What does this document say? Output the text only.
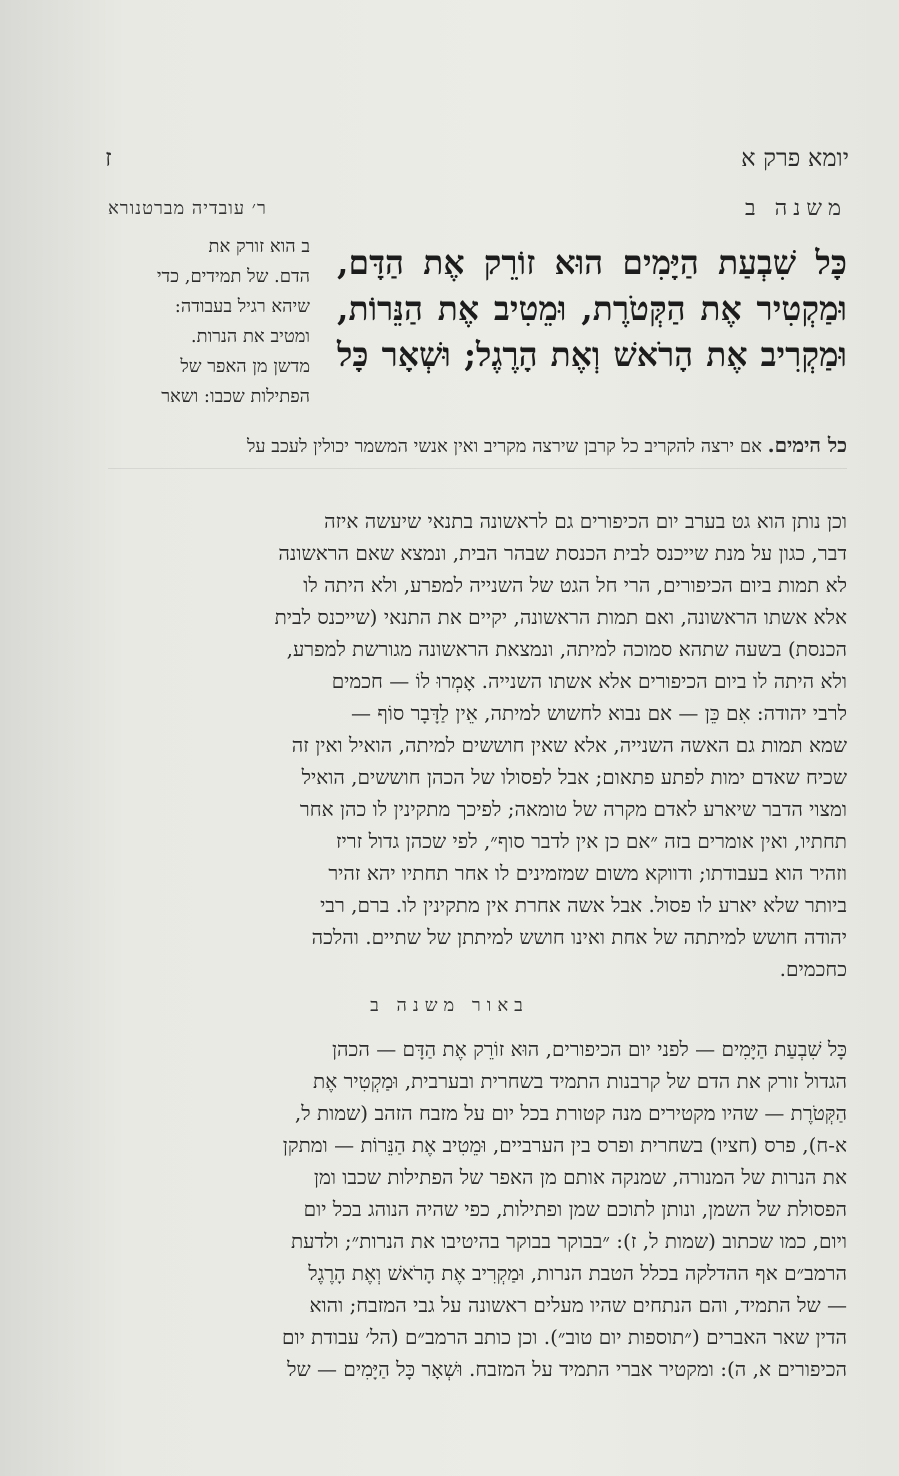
יומא פרק א
ז
משנה ב
ר׳ עובדיה מברטנורא
כָּל שִׁבְעַת הַיָּמִים הוּא זוֹרֵק אֶת הַדָּם,
וּמַקְטִיר אֶת הַקְּטֹרֶת, וּמֵטִיב אֶת הַנֵּרוֹת,
וּמַקְרִיב אֶת הָרֹאשׁ וְאֶת הָרֶגֶל; וּשְׁאָר כָּל
ב הוא זורק את
הדם. של תמידים, כדי
שיהא רגיל בעבודה:
ומטיב את הנרות.
מדשן מן האפר של
הפתילות שכבו: ושאר
כל הימים. אם ירצה להקריב כל קרבן שירצה מקריב ואין אנשי המשמר יכולין לעכב על
וכן נותן הוא גט בערב יום הכיפורים גם לראשונה בתנאי שיעשה איזה
דבר, כגון על מנת שייכנס לבית הכנסת שבהר הבית, ונמצא שאם הראשונה
לא תמות ביום הכיפורים, הרי חל הגט של השנייה למפרע, ולא היתה לו
אלא אשתו הראשונה, ואם תמות הראשונה, יקיים את התנאי (שייכנס לבית
הכנסת) בשעה שתהא סמוכה למיתה, ונמצאת הראשונה מגורשת למפרע,
ולא היתה לו ביום הכיפורים אלא אשתו השנייה. אָמְרוּ לוֹ — חכמים
לרבי יהודה: אִם כֵּן — אם נבוא לחשוש למיתה, אֵין לַדָּבָר סוֹף —
שמא תמות גם האשה השנייה, אלא שאין חוששים למיתה, הואיל ואין זה
שכיח שאדם ימות לפתע פתאום; אבל לפסולו של הכהן חוששים, הואיל
ומצוי הדבר שיארע לאדם מקרה של טומאה; לפיכך מתקינין לו כהן אחר
תחתיו, ואין אומרים בזה ״אם כן אין לדבר סוף״, לפי שכהן גדול זריז
וזהיר הוא בעבודתו; ודווקא משום שמזמינים לו אחר תחתיו יהא זהיר
ביותר שלא יארע לו פסול. אבל אשה אחרת אין מתקינין לו. ברם, רבי
יהודה חושש למיתתה של אחת ואינו חושש למיתתן של שתיים. והלכה
כחכמים.
באור משנה ב
כָּל שִׁבְעַת הַיָּמִים — לפני יום הכיפורים, הוּא זוֹרֵק אֶת הַדָּם — הכהן
הגדול זורק את הדם של קרבנות התמיד בשחרית ובערבית, וּמַקְטִיר אֶת
הַקְּטֹרֶת — שהיו מקטירים מנה קטורת בכל יום על מזבח הזהב (שמות ל,
א-ח), פרס (חציו) בשחרית ופרס בין הערביים, וּמֵטִיב אֶת הַנֵּרוֹת — ומתקן
את הנרות של המנורה, שמנקה אותם מן האפר של הפתילות שכבו ומן
הפסולת של השמן, ונותן לתוכם שמן ופתילות, כפי שהיה הנוהג בכל יום
ויום, כמו שכתוב (שמות ל, ז): ״בבוקר בבוקר בהיטיבו את הנרות״; ולדעת
הרמב״ם אף ההדלקה בכלל הטבת הנרות, וּמַקְרִיב אֶת הָרֹאשׁ וְאֶת הָרֶגֶל
— של התמיד, והם הנתחים שהיו מעלים ראשונה על גבי המזבח; והוא
הדין שאר האברים (״תוספות יום טוב״). וכן כותב הרמב״ם (הל׳ עבודת יום
הכיפורים א, ה): ומקטיר אברי התמיד על המזבח. וּשְׁאָר כָּל הַיָּמִים — של
